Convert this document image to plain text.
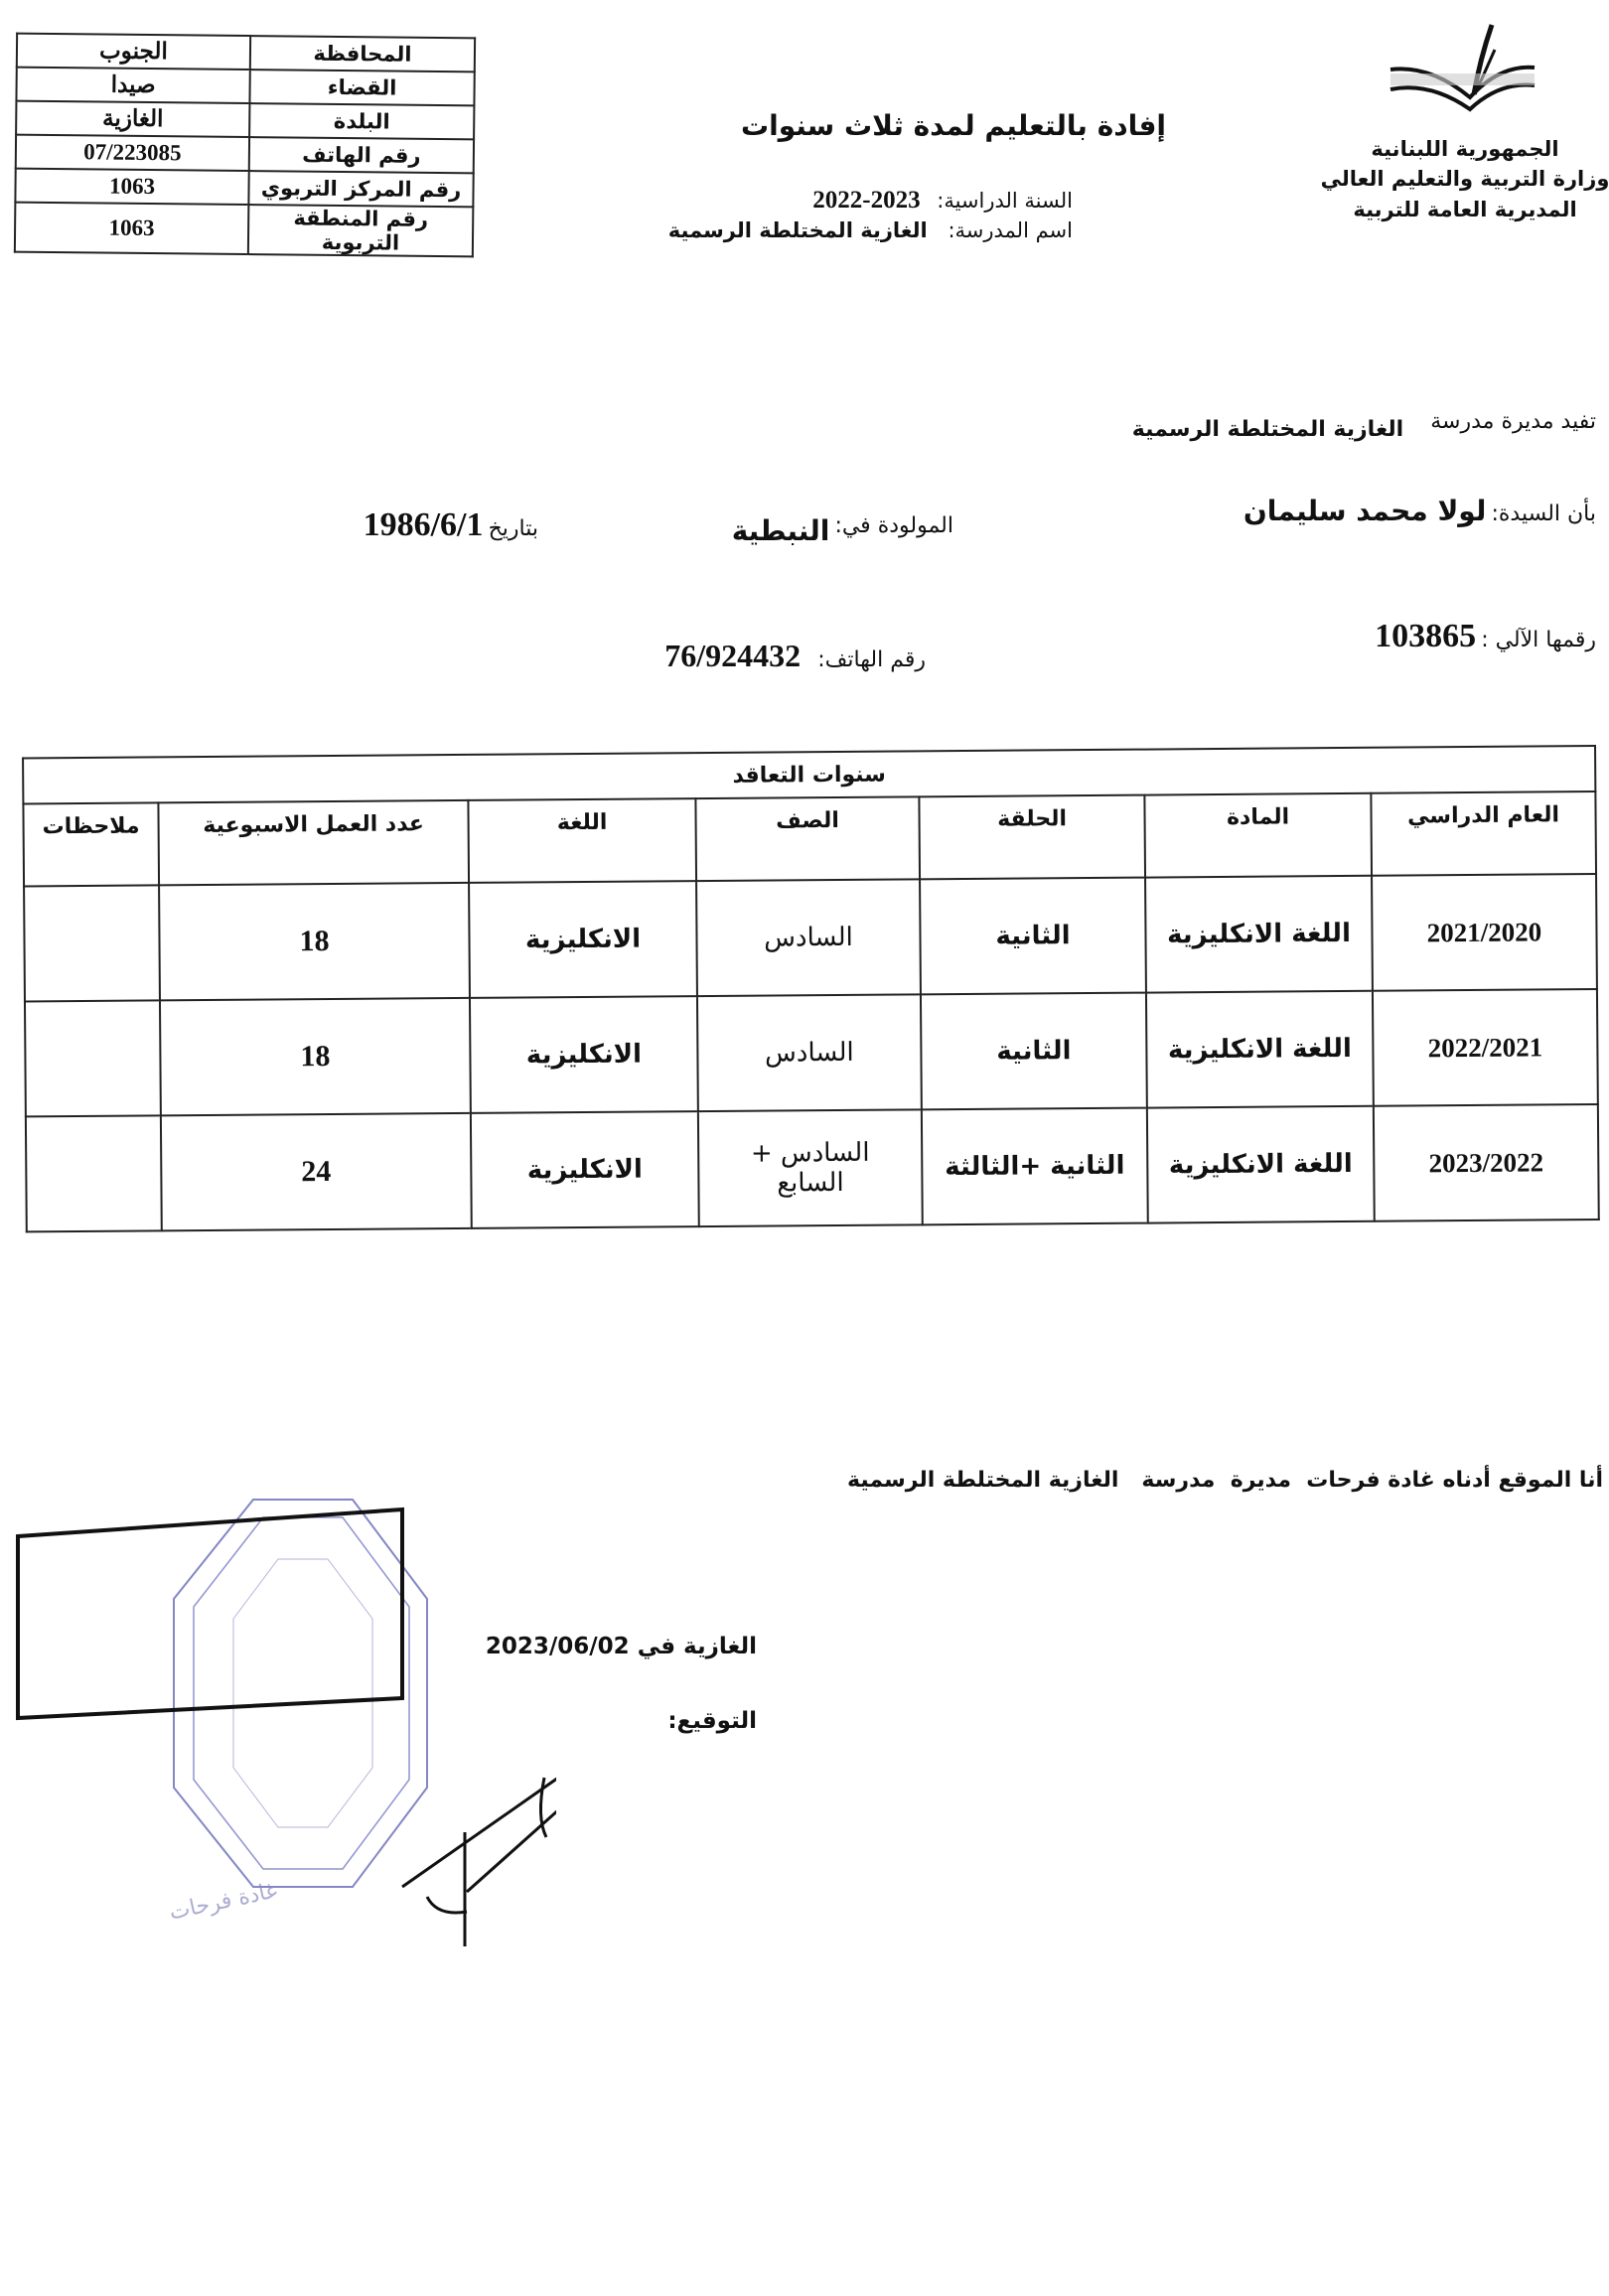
المحافظة	الجنوب
القضاء	صيدا
البلدة	الغازية
رقم الهاتف	07/223085
رقم المركز التربوي	1063
رقم المنطقة التربوية	1063
الجمهورية اللبنانية
وزارة التربية والتعليم العالي
المديرية العامة للتربية
إفادة بالتعليم لمدة ثلاث سنوات
السنة الدراسية: 2023-2022
اسم المدرسة: الغازية المختلطة الرسمية
تفيد مديرة مدرسة الغازية المختلطة الرسمية
بأن السيدة: لولا محمد سليمان
المولودة في: النبطية
بتاريخ 1986/6/1
رقمها الآلي : 103865
رقم الهاتف: 76/924432
سنوات التعاقد						
العام الدراسي	المادة	الحلقة	الصف	اللغة	عدد العمل الاسبوعية	ملاحظات
2021/2020	اللغة الانكليزية	الثانية	السادس	الانكليزية	18	
2022/2021	اللغة الانكليزية	الثانية	السادس	الانكليزية	18	
2023/2022	اللغة الانكليزية	الثانية +الثالثة	السادس + السابع	الانكليزية	24	
أنا الموقع أدناه غادة فرحات  مديرة  مدرسة   الغازية المختلطة الرسمية
الغازية في 2023/06/02
التوقيع:
غادة فرحات
